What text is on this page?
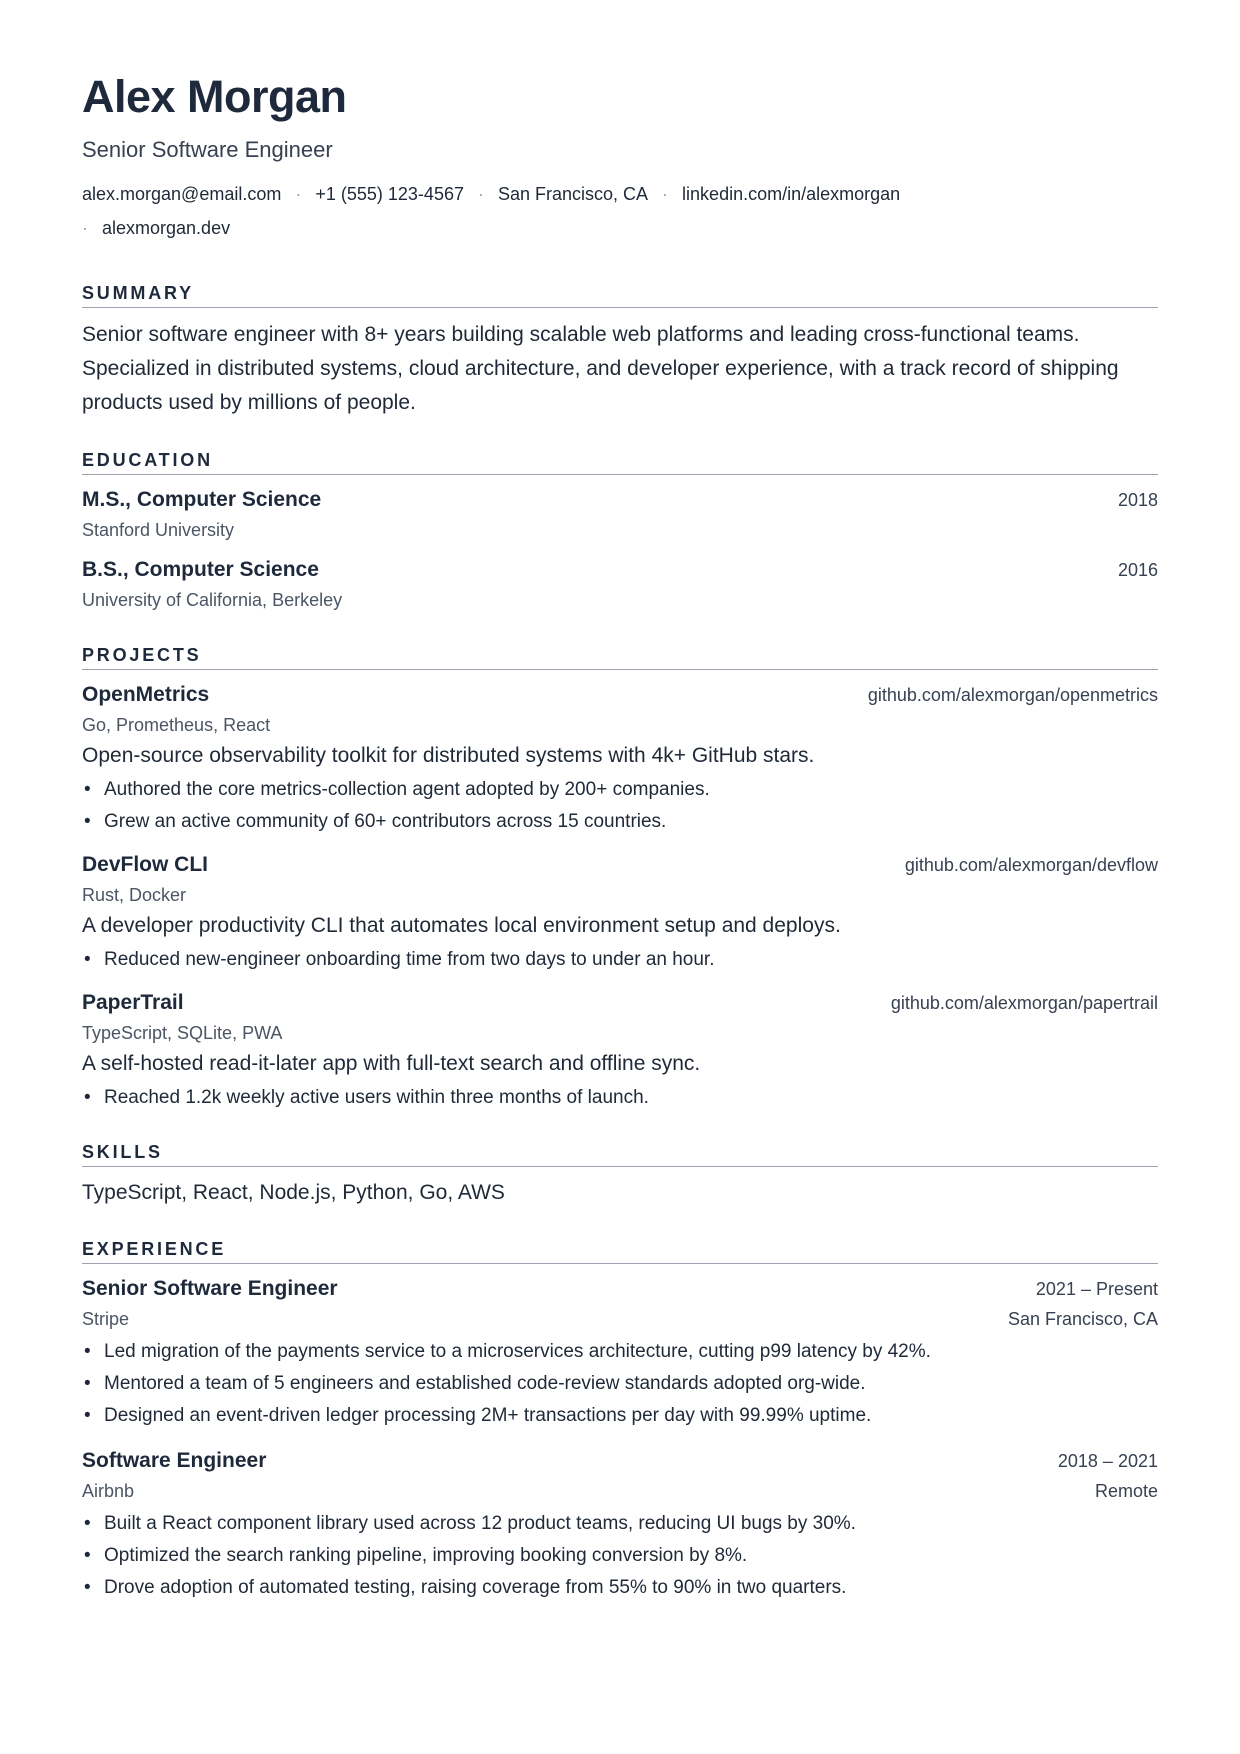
Alex Morgan
Senior Software Engineer
alex.morgan@email.com · +1 (555) 123-4567 · San Francisco, CA · linkedin.com/in/alexmorgan
· alexmorgan.dev
SUMMARY

Senior software engineer with 8+ years building scalable web platforms and leading cross-functional teams. Specialized in distributed systems, cloud architecture, and developer experience, with a track record of shipping products used by millions of people.

EDUCATION
M.S., Computer Science	2018
Stanford University
B.S., Computer Science	2016
University of California, Berkeley
PROJECTS
OpenMetrics	github.com/alexmorgan/openmetrics
Go, Prometheus, React
Open-source observability toolkit for distributed systems with 4k+ GitHub stars.
• Authored the core metrics-collection agent adopted by 200+ companies.
• Grew an active community of 60+ contributors across 15 countries.
DevFlow CLI	github.com/alexmorgan/devflow
Rust, Docker
A developer productivity CLI that automates local environment setup and deploys.
• Reduced new-engineer onboarding time from two days to under an hour.
PaperTrail	github.com/alexmorgan/papertrail
TypeScript, SQLite, PWA
A self-hosted read-it-later app with full-text search and offline sync.
• Reached 1.2k weekly active users within three months of launch.
SKILLS

TypeScript, React, Node.js, Python, Go, AWS

EXPERIENCE
Senior Software Engineer	2021 – Present
Stripe	San Francisco, CA
• Led migration of the payments service to a microservices architecture, cutting p99 latency by 42%.
• Mentored a team of 5 engineers and established code-review standards adopted org-wide.
• Designed an event-driven ledger processing 2M+ transactions per day with 99.99% uptime.
Software Engineer	2018 – 2021
Airbnb	Remote
• Built a React component library used across 12 product teams, reducing UI bugs by 30%.
• Optimized the search ranking pipeline, improving booking conversion by 8%.
• Drove adoption of automated testing, raising coverage from 55% to 90% in two quarters.
